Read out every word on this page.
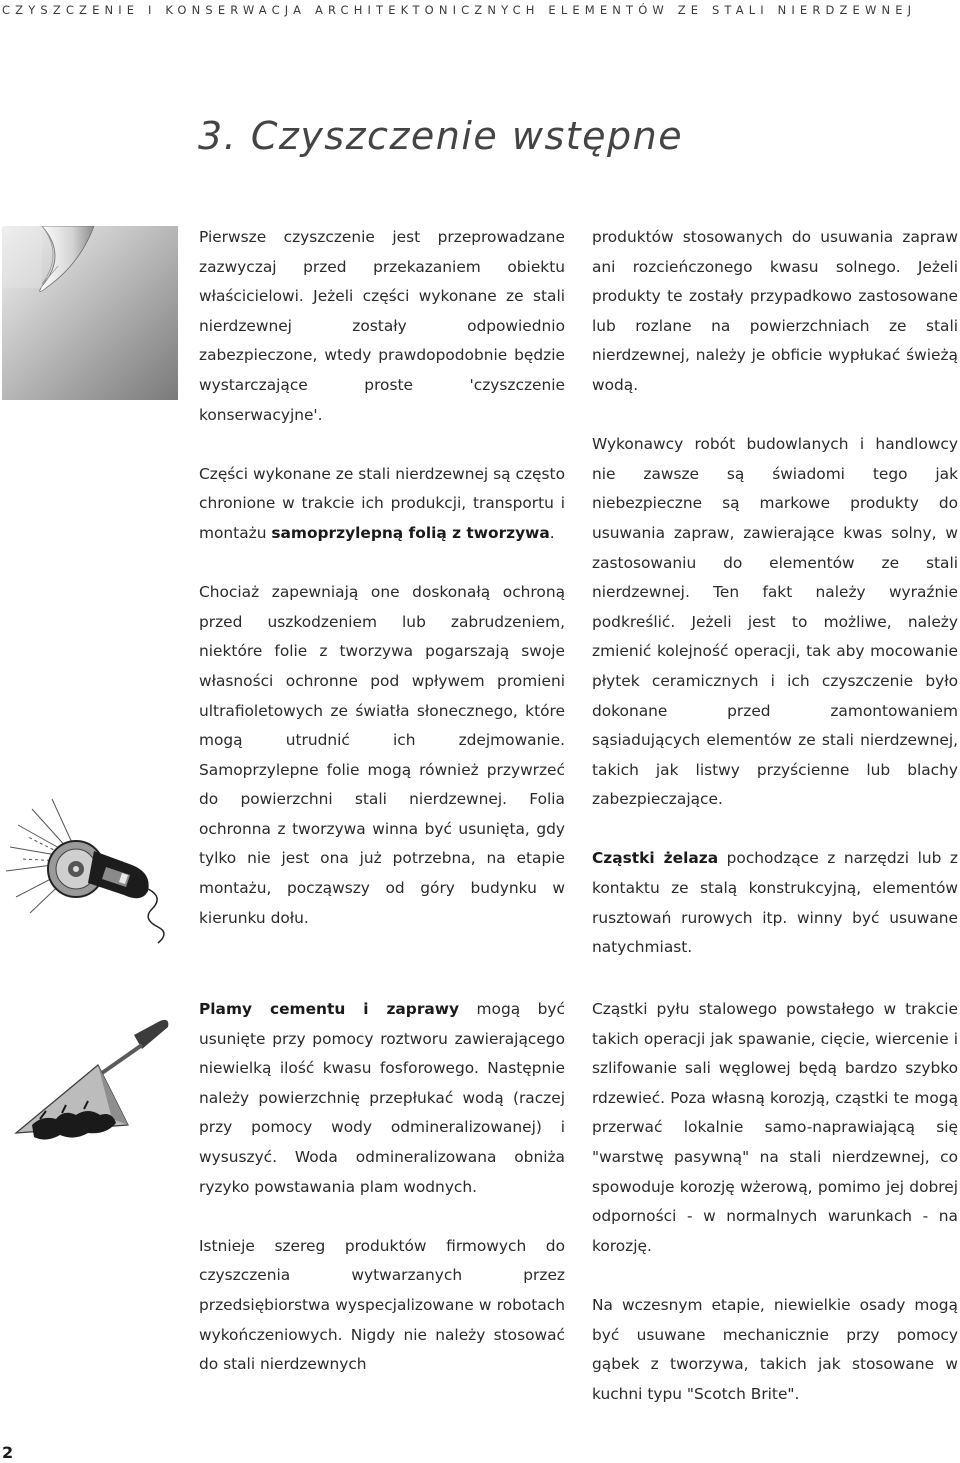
CZYSZCZENIE I KONSERWACJA ARCHITEKTONICZNYCH ELEMENTÓW ZE STALI NIERDZEWNEJ
3. Czyszczenie wstępne

Pierwsze czyszczenie jest przeprowadzane zazwyczaj przed przekazaniem obiektu właścicielowi. Jeżeli części wykonane ze stali nierdzewnej zostały odpowiednio zabezpieczone, wtedy prawdopodobnie będzie wystarczające proste 'czyszczenie konserwacyjne'.

Części wykonane ze stali nierdzewnej są często chronione w trakcie ich produkcji, transportu i montażu samoprzylepną folią z tworzywa.

Chociaż zapewniają one doskonałą ochroną przed uszkodzeniem lub zabrudzeniem, niektóre folie z tworzywa pogarszają swoje własności ochronne pod wpływem promieni ultrafioletowych ze światła słonecznego, które mogą utrudnić ich zdejmowanie. Samoprzylepne folie mogą również przywrzeć do powierzchni stali nierdzewnej. Folia ochronna z tworzywa winna być usunięta, gdy tylko nie jest ona już potrzebna, na etapie montażu, począwszy od góry budynku w kierunku dołu.

produktów stosowanych do usuwania zapraw ani rozcieńczonego kwasu solnego. Jeżeli produkty te zostały przypadkowo zastosowane lub rozlane na powierzchniach ze stali nierdzewnej, należy je obficie wypłukać świeżą wodą.

Wykonawcy robót budowlanych i handlowcy nie zawsze są świadomi tego jak niebezpieczne są markowe produkty do usuwania zapraw, zawierające kwas solny, w zastosowaniu do elementów ze stali nierdzewnej. Ten fakt należy wyraźnie podkreślić. Jeżeli jest to możliwe, należy zmienić kolejność operacji, tak aby mocowanie płytek ceramicznych i ich czyszczenie było dokonane przed zamontowaniem sąsiadujących elementów ze stali nierdzewnej, takich jak listwy przyścienne lub blachy zabezpieczające.

Cząstki żelaza pochodzące z narzędzi lub z kontaktu ze stalą konstrukcyjną, elementów rusztowań rurowych itp. winny być usuwane natychmiast.

Plamy cementu i zaprawy mogą być usunięte przy pomocy roztworu zawierającego niewielką ilość kwasu fosforowego. Następnie należy powierzchnię przepłukać wodą (raczej przy pomocy wody odmineralizowanej) i wysuszyć. Woda odmineralizowana obniża ryzyko powstawania plam wodnych.

Istnieje szereg produktów firmowych do czyszczenia wytwarzanych przez przedsiębiorstwa wyspecjalizowane w robotach wykończeniowych. Nigdy nie należy stosować do stali nierdzewnych

Cząstki pyłu stalowego powstałego w trakcie takich operacji jak spawanie, cięcie, wiercenie i szlifowanie sali węglowej będą bardzo szybko rdzewieć. Poza własną korozją, cząstki te mogą przerwać lokalnie samo-naprawiającą się "warstwę pasywną" na stali nierdzewnej, co spowoduje korozję wżerową, pomimo jej dobrej odporności - w normalnych warunkach - na korozję.

Na wczesnym etapie, niewielkie osady mogą być usuwane mechanicznie przy pomocy gąbek z tworzywa, takich jak stosowane w kuchni typu "Scotch Brite".

2
